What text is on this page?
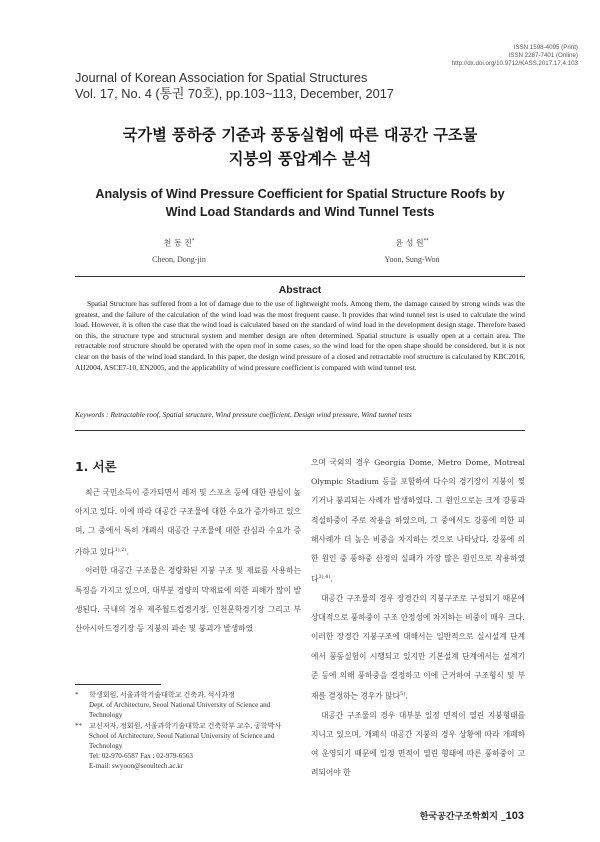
ISSN 1598-4095 (Print)
ISSN 2287-7401 (Online)
http://dx.doi.org/10.9712/KASS.2017.17.4.103
Journal of Korean Association for Spatial Structures
Vol. 17, No. 4 (통권 70호), pp.103~113, December, 2017
국가별 풍하중 기준과 풍동실험에 따른 대공간 구조물
지붕의 풍압계수 분석
Analysis of Wind Pressure Coefficient for Spatial Structure Roofs by
Wind Load Standards and Wind Tunnel Tests
천 동 진*
Cheon, Dong-jin
윤 성 원**
Yoon, Sung-Won
Abstract
Spatial Structure has suffered from a lot of damage due to the use of lightweight roofs. Among them, the damage caused by strong winds was the greatest, and the failure of the calculation of the wind load was the most frequent cause. It provides that wind tunnel test is used to calculate the wind load. However, it is often the case that the wind load is calculated based on the standard of wind load in the development design stage. Therefore based on this, the structure type and structural system and member design are often determined. Spatial structure is usually open at a certain area. The retractable roof structure should be operated with the open roof in some cases, so the wind load for the open shape should be considered, but it is not clear on the basis of the wind load standard. In this paper, the design wind pressure of a closed and retractable roof structure is calculated by KBC2016, AIJ2004, ASCE7-10, EN2005, and the applicability of wind pressure coefficient is compared with wind tunnel test.
Keywords : Retractable roof, Spatial structure, Wind pressure coefficient, Design wind pressure, Wind tunnel tests
1. 서론

최근 국민소득이 증가되면서 레저 및 스포츠 등에 대한 관심이 높아지고 있다. 이에 따라 대공간 구조물에 대한 수요가 증가하고 있으며, 그 중에서 특히 개폐식 대공간 구조물에 대한 관심과 수요가 증가하고 있다$^{1),2)}$.

이러한 대공간 구조물은 경량화된 지붕 구조 및 재료를 사용하는 특징을 가지고 있으며, 대부분 경량의 막재료에 의한 피해가 많이 발생된다. 국내의 경우 제주월드컵경기장, 인천문학경기장 그리고 부산아시아드경기장 등 지붕의 파손 및 붕괴가 발생하였

*	학생회원, 서울과학기술대학교 건축과, 석사과정
Dept. of Architecture, Seoul National University of Science and Technology
** 교신저자, 정회원, 서울과학기술대학교 건축학부 교수, 공학박사
School of Architecture, Seoul National University of Science and Technology
Tel: 02-970-6587 Fax : 02-979-6563
E-mail: swyoon@seoultech.ac.kr

으며 국외의 경우 Georgia Dome, Metro Dome, Motreal Olympic Stadium 등을 포함하여 다수의 경기장이 지붕이 찢기거나 붕괴되는 사례가 발생하였다. 그 원인으로는 크게 강풍과 적설하중이 주로 작용을 하였으며, 그 중에서도 강풍에 의한 피해사례가 더 높은 비중을 차지하는 것으로 나타났다. 강풍에 의한 원인 중 풍하중 산정의 실패가 가장 많은 원인으로 작용하였다$^{3),4)}$.

대공간 구조물의 경우 장경간의 지붕구조로 구성되기 때문에 상대적으로 풍하중이 구조 안정성에 차지하는 비중이 매우 크다. 이러한 장경간 지붕구조에 대해서는 일반적으로 실시설계 단계에서 풍동실험이 시행되고 있지만 기본설계 단계에서는 설계기준 등에 의해 풍하중을 결정하고 이에 근거하여 구조형식 및 부재를 결정하는 경우가 많다$^{5)}$.

대공간 구조물의 경우 대부분 일정 면적이 열린 지붕형태를 지니고 있으며, 개폐식 대공간 지붕의 경우 상황에 따라 개폐하여 운영되기 때문에 일정 면적이 열린 형태에 따른 풍하중이 고려되어야 한

한국공간구조학회지 _103
